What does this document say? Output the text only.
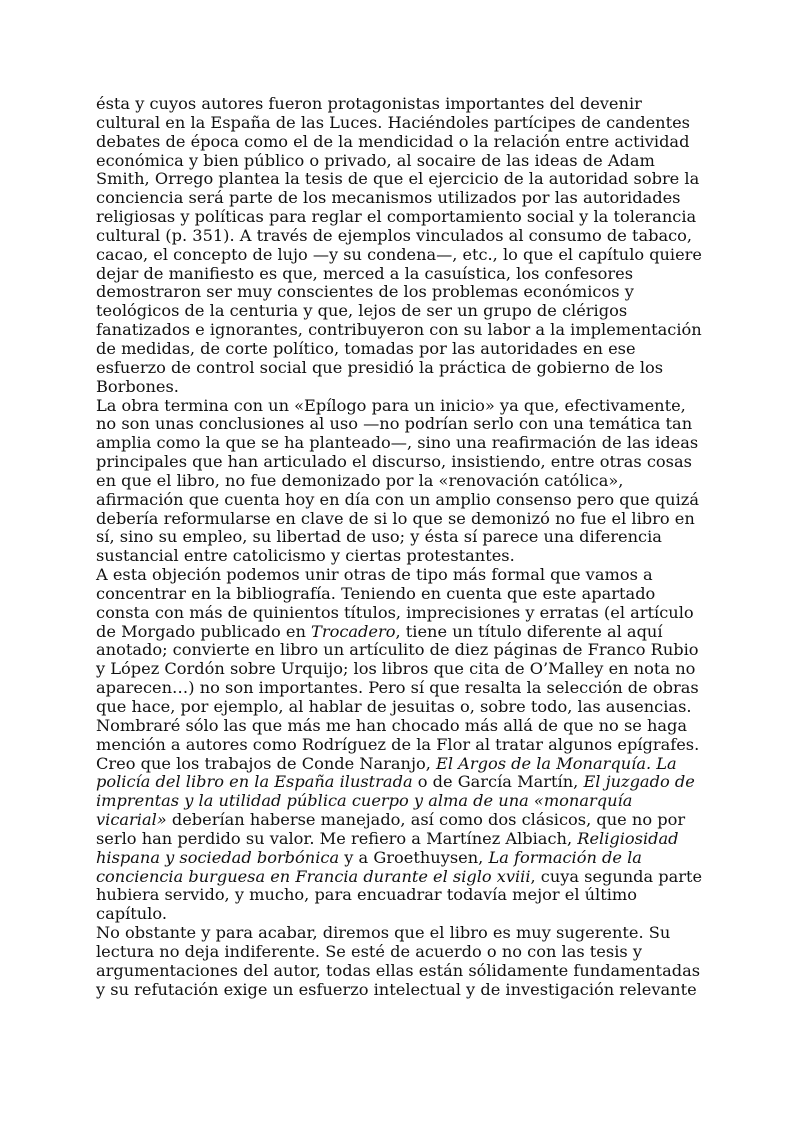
ésta y cuyos autores fueron protagonistas importantes del devenir
cultural en la España de las Luces. Haciéndoles partícipes de candentes
debates de época como el de la mendicidad o la relación entre actividad
económica y bien público o privado, al socaire de las ideas de Adam
Smith, Orrego plantea la tesis de que el ejercicio de la autoridad sobre la
conciencia será parte de los mecanismos utilizados por las autoridades
religiosas y políticas para reglar el comportamiento social y la tolerancia
cultural (p. 351). A través de ejemplos vinculados al consumo de tabaco,
cacao, el concepto de lujo —y su condena—, etc., lo que el capítulo quiere
dejar de manifiesto es que, merced a la casuística, los confesores
demostraron ser muy conscientes de los problemas económicos y
teológicos de la centuria y que, lejos de ser un grupo de clérigos
fanatizados e ignorantes, contribuyeron con su labor a la implementación
de medidas, de corte político, tomadas por las autoridades en ese
esfuerzo de control social que presidió la práctica de gobierno de los
Borbones.
La obra termina con un «Epílogo para un inicio» ya que, efectivamente,
no son unas conclusiones al uso —no podrían serlo con una temática tan
amplia como la que se ha planteado—, sino una reafirmación de las ideas
principales que han articulado el discurso, insistiendo, entre otras cosas
en que el libro, no fue demonizado por la «renovación católica»,
afirmación que cuenta hoy en día con un amplio consenso pero que quizá
debería reformularse en clave de si lo que se demonizó no fue el libro en
sí, sino su empleo, su libertad de uso; y ésta sí parece una diferencia
sustancial entre catolicismo y ciertas protestantes.
A esta objeción podemos unir otras de tipo más formal que vamos a
concentrar en la bibliografía. Teniendo en cuenta que este apartado
consta con más de quinientos títulos, imprecisiones y erratas (el artículo
de Morgado publicado en Trocadero, tiene un título diferente al aquí
anotado; convierte en libro un artículito de diez páginas de Franco Rubio
y López Cordón sobre Urquijo; los libros que cita de O’Malley en nota no
aparecen…) no son importantes. Pero sí que resalta la selección de obras
que hace, por ejemplo, al hablar de jesuitas o, sobre todo, las ausencias.
Nombraré sólo las que más me han chocado más allá de que no se haga
mención a autores como Rodríguez de la Flor al tratar algunos epígrafes.
Creo que los trabajos de Conde Naranjo, El Argos de la Monarquía. La
policía del libro en la España ilustrada o de García Martín, El juzgado de
imprentas y la utilidad pública cuerpo y alma de una «monarquía
vicarial» deberían haberse manejado, así como dos clásicos, que no por
serlo han perdido su valor. Me refiero a Martínez Albiach, Religiosidad
hispana y sociedad borbónica y a Groethuysen, La formación de la
conciencia burguesa en Francia durante el siglo xviii, cuya segunda parte
hubiera servido, y mucho, para encuadrar todavía mejor el último
capítulo.
No obstante y para acabar, diremos que el libro es muy sugerente. Su
lectura no deja indiferente. Se esté de acuerdo o no con las tesis y
argumentaciones del autor, todas ellas están sólidamente fundamentadas
y su refutación exige un esfuerzo intelectual y de investigación relevante
